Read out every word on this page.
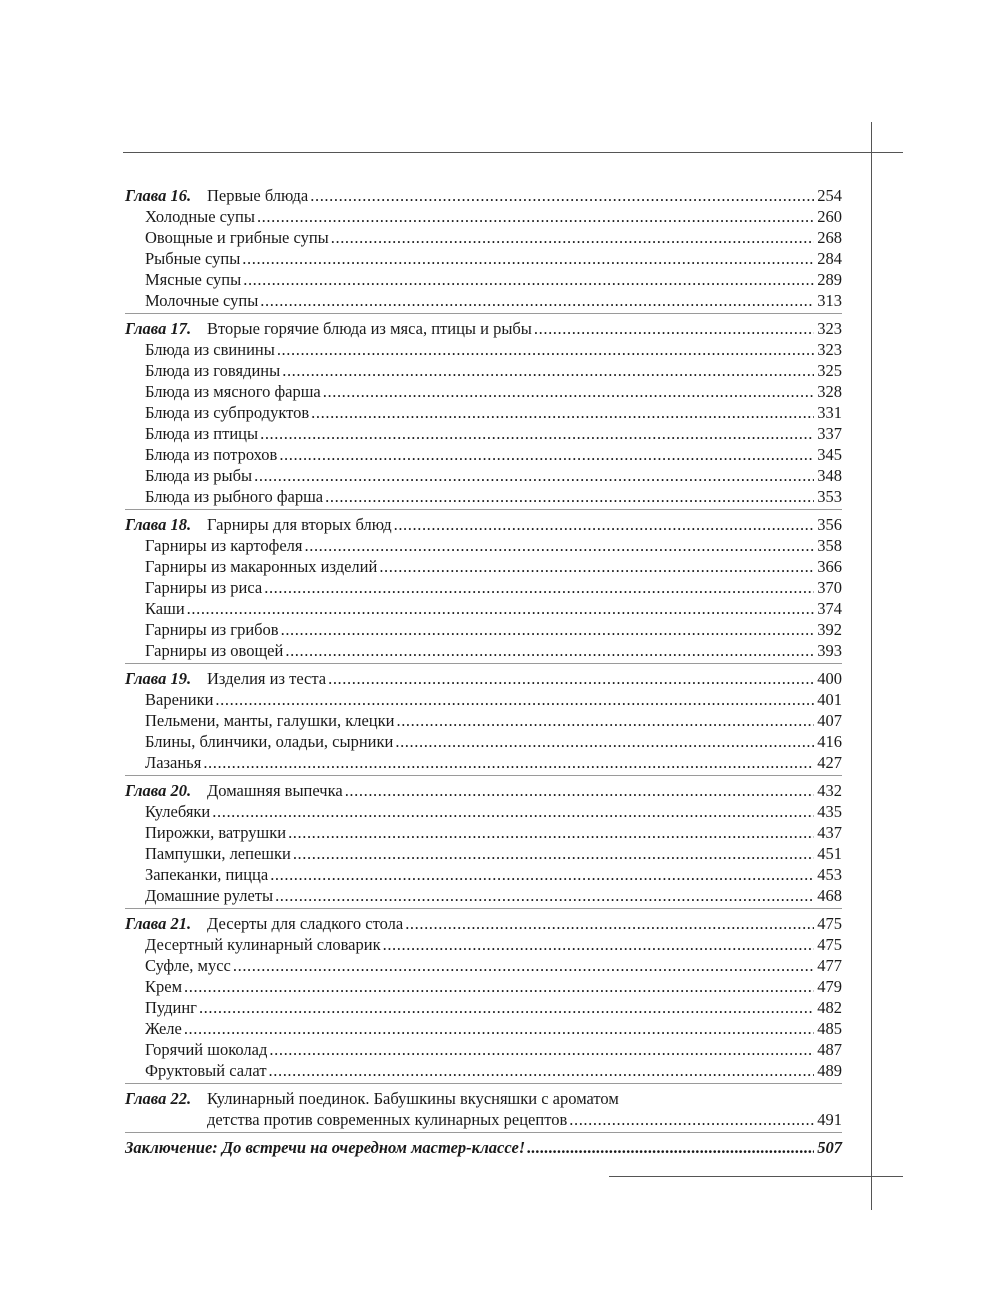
Глава 16. Первые блюда .....	254
Холодные супы .....	260
Овощные и грибные супы .....	268
Рыбные супы .....	284
Мясные супы .....	289
Молочные супы .....	313
Глава 17. Вторые горячие блюда из мяса, птицы и рыбы .....	323
Блюда из свинины .....	323
Блюда из говядины .....	325
Блюда из мясного фарша .....	328
Блюда из субпродуктов .....	331
Блюда из птицы .....	337
Блюда из потрохов .....	345
Блюда из рыбы .....	348
Блюда из рыбного фарша .....	353
Глава 18. Гарниры для вторых блюд .....	356
Гарниры из картофеля .....	358
Гарниры из макаронных изделий .....	366
Гарниры из риса .....	370
Каши .....	374
Гарниры из грибов .....	392
Гарниры из овощей .....	393
Глава 19. Изделия из теста .....	400
Вареники .....	401
Пельмени, манты, галушки, клецки .....	407
Блины, блинчики, оладьи, сырники .....	416
Лазанья .....	427
Глава 20. Домашняя выпечка .....	432
Кулебяки .....	435
Пирожки, ватрушки .....	437
Пампушки, лепешки .....	451
Запеканки, пицца .....	453
Домашние рулеты .....	468
Глава 21. Десерты для сладкого стола .....	475
Десертный кулинарный словарик .....	475
Суфле, мусс .....	477
Крем .....	479
Пудинг .....	482
Желе .....	485
Горячий шоколад .....	487
Фруктовый салат .....	489
Глава 22. Кулинарный поединок. Бабушкины вкусняшки с ароматом
детства против современных кулинарных рецептов .....	491
Заключение: До встречи на очередном мастер-классе! .....	507
